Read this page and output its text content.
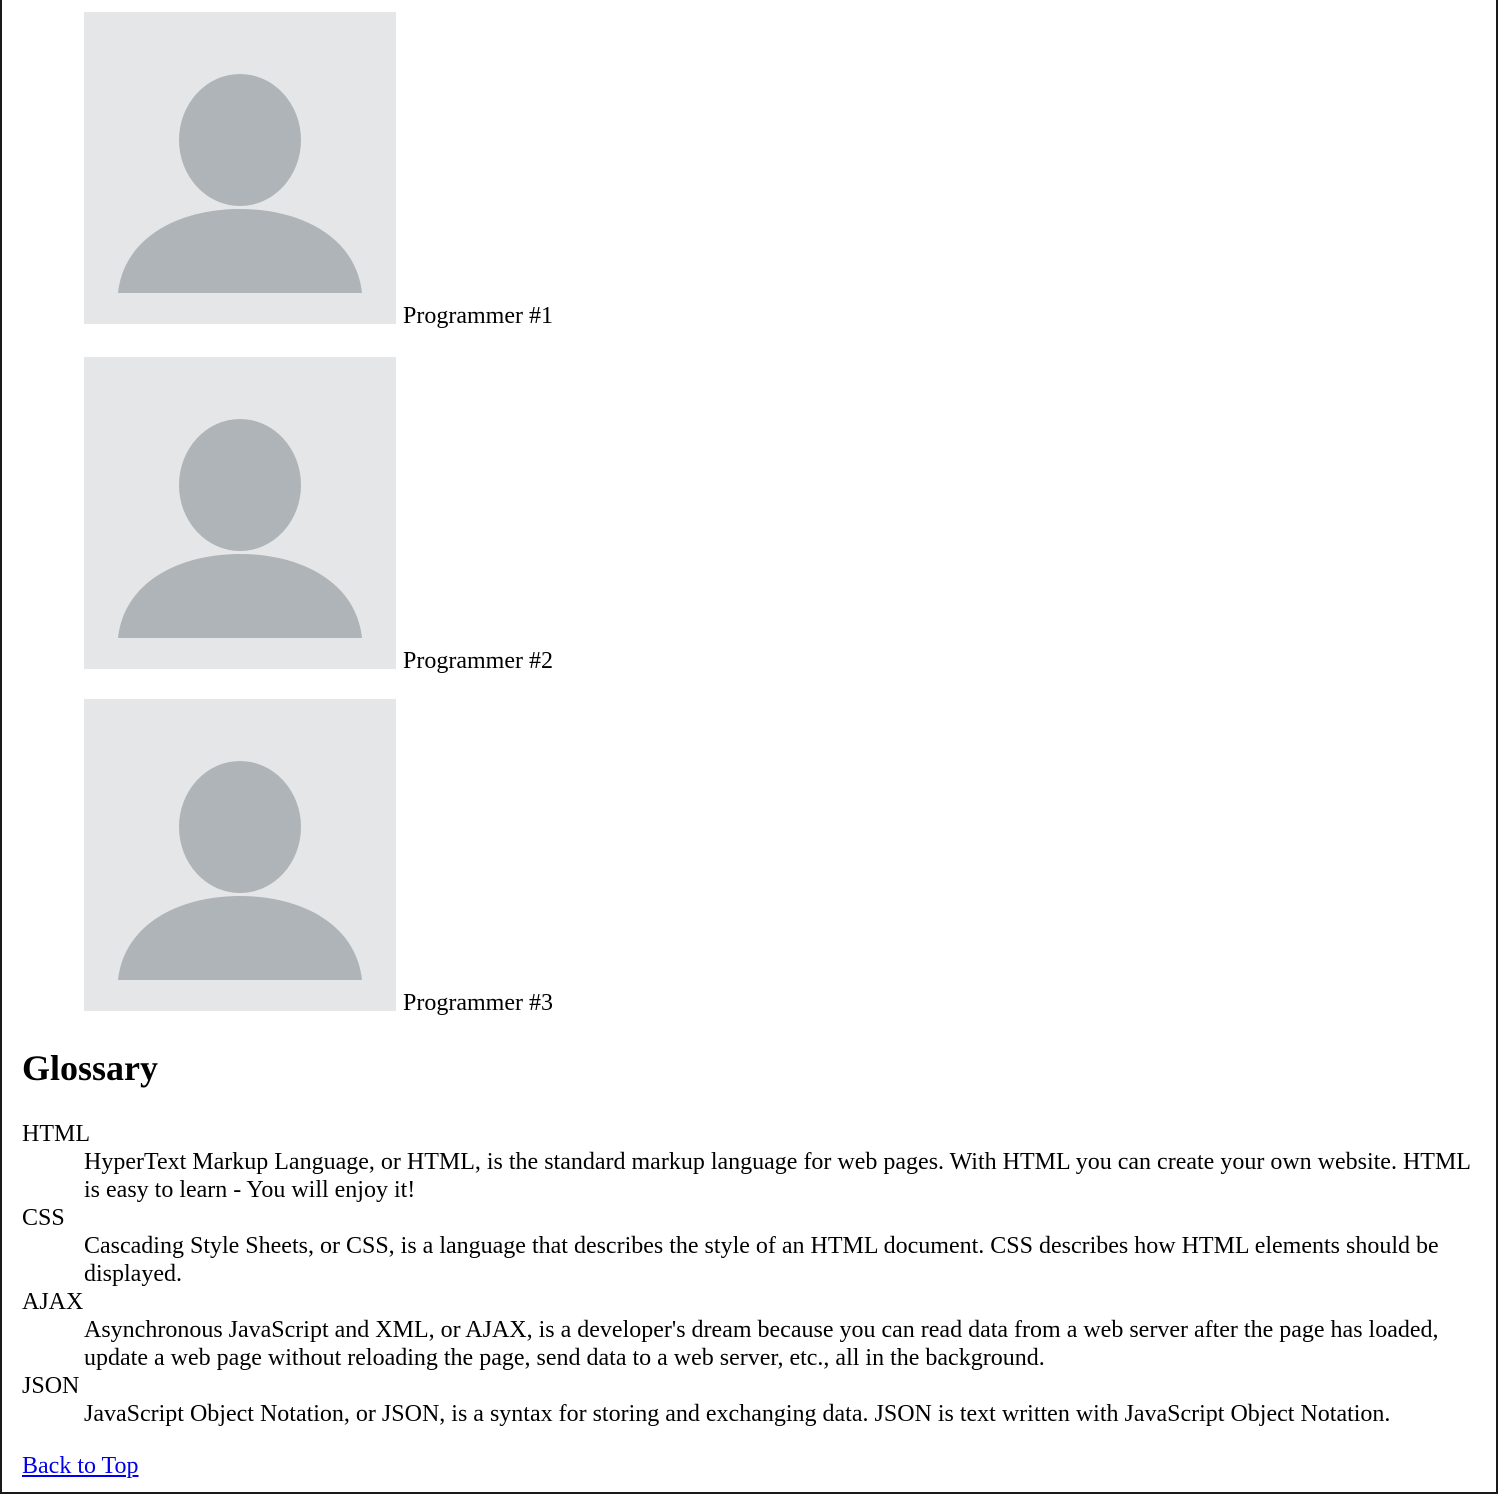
Programmer #1
Programmer #2
Programmer #3
Glossary
HTML
HyperText Markup Language, or HTML, is the standard markup language for web pages. With HTML you can create your own website. HTML is easy to learn - You will enjoy it!
CSS
Cascading Style Sheets, or CSS, is a language that describes the style of an HTML document. CSS describes how HTML elements should be displayed.
AJAX
Asynchronous JavaScript and XML, or AJAX, is a developer's dream because you can read data from a web server after the page has loaded, update a web page without reloading the page, send data to a web server, etc., all in the background.
JSON
JavaScript Object Notation, or JSON, is a syntax for storing and exchanging data. JSON is text written with JavaScript Object Notation.
Back to Top
